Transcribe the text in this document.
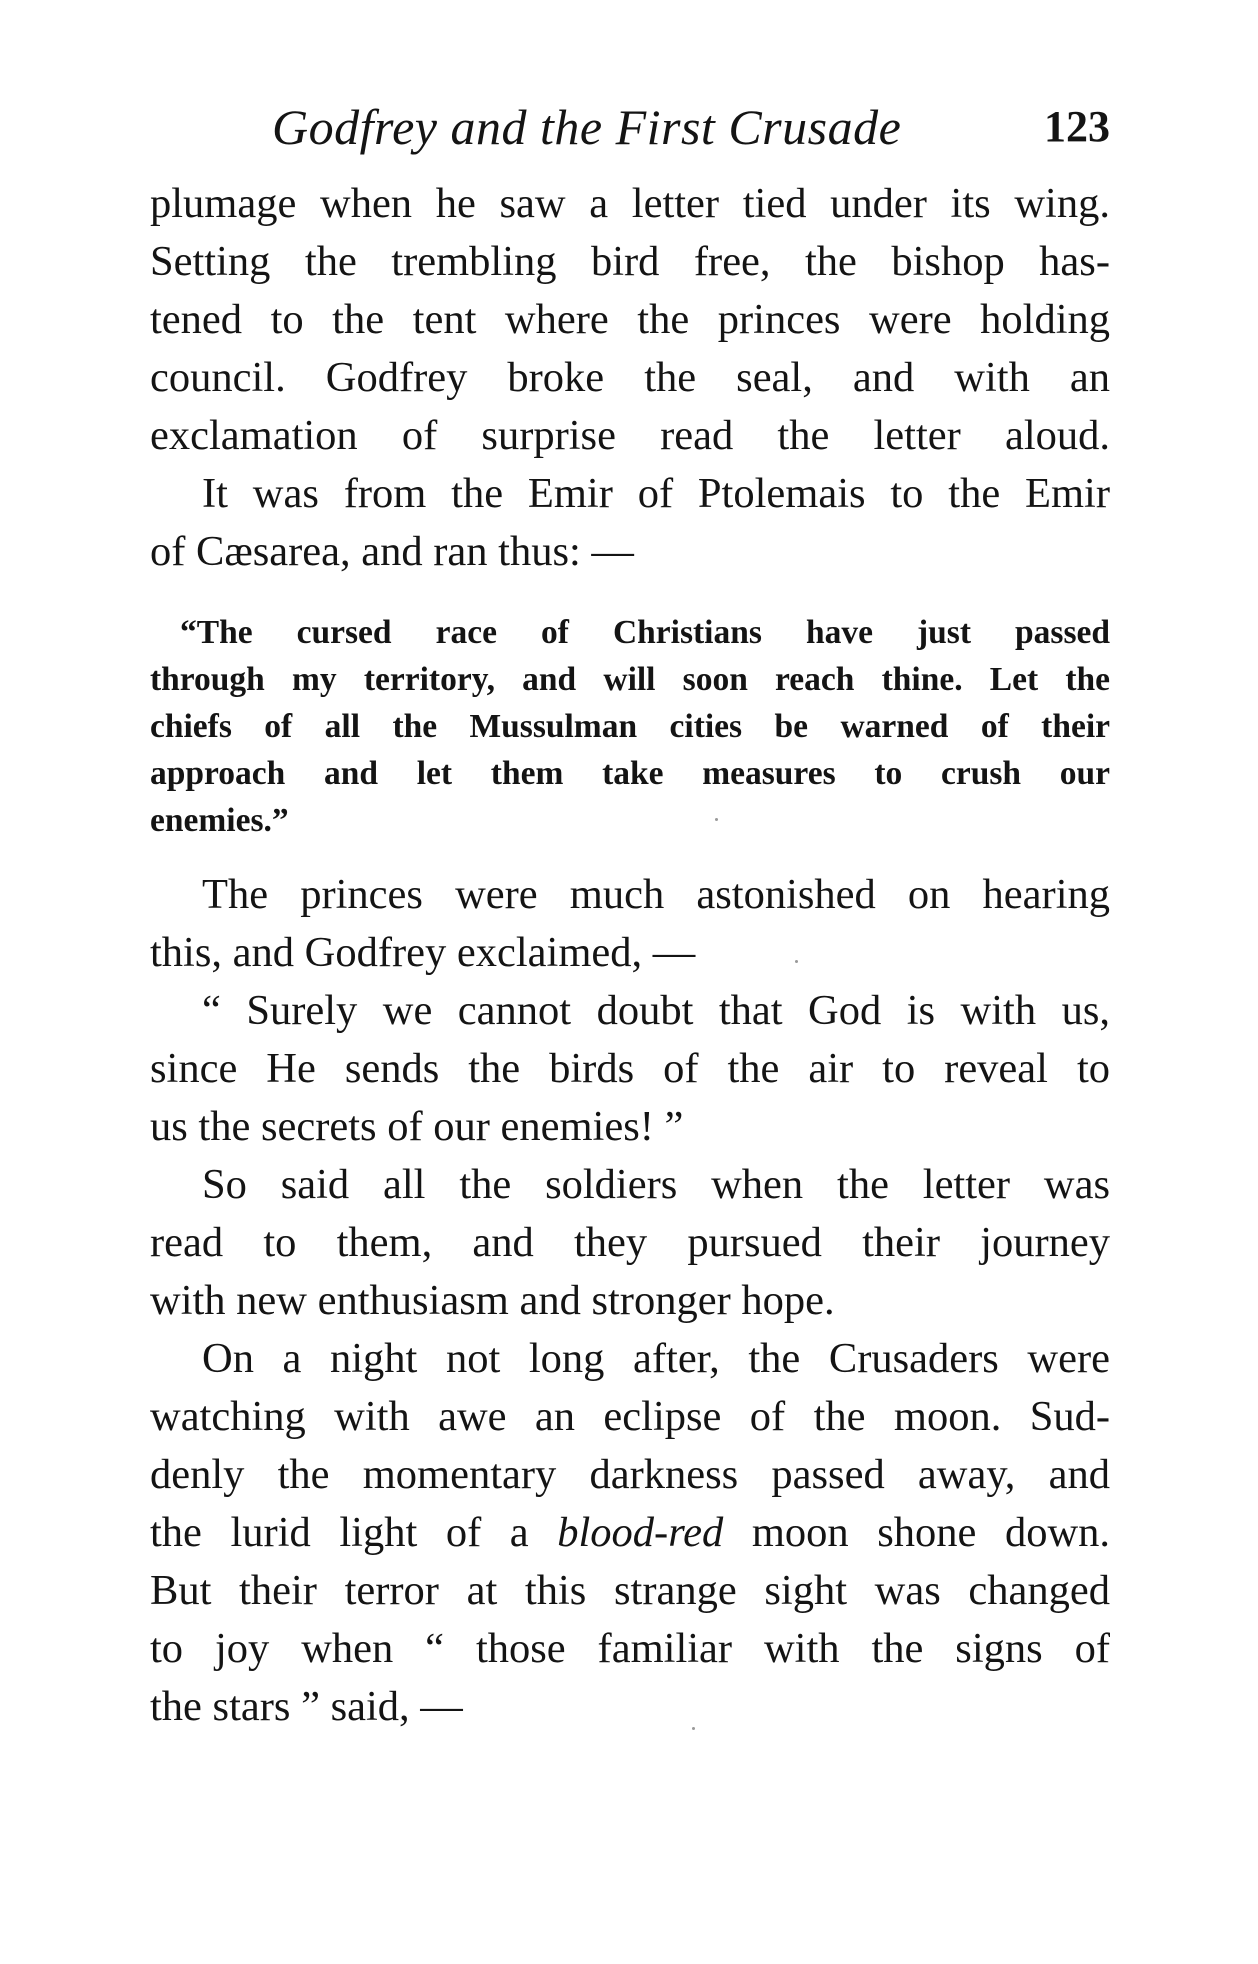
Godfrey and the First Crusade	123
plumage when he saw a letter tied under its wing.
Setting the trembling bird free, the bishop has-
tened to the tent where the princes were holding
council. Godfrey broke the seal, and with an
exclamation of surprise read the letter aloud.
It was from the Emir of Ptolemais to the Emir
of Cæsarea, and ran thus: —
“The cursed race of Christians have just passed
through my territory, and will soon reach thine. Let the
chiefs of all the Mussulman cities be warned of their
approach and let them take measures to crush our
enemies.”
The princes were much astonished on hearing
this, and Godfrey exclaimed, —
“ Surely we cannot doubt that God is with us,
since He sends the birds of the air to reveal to
us the secrets of our enemies! ”
So said all the soldiers when the letter was
read to them, and they pursued their journey
with new enthusiasm and stronger hope.
On a night not long after, the Crusaders were
watching with awe an eclipse of the moon. Sud-
denly the momentary darkness passed away, and
the lurid light of a blood-red moon shone down.
But their terror at this strange sight was changed
to joy when “ those familiar with the signs of
the stars ” said, —
